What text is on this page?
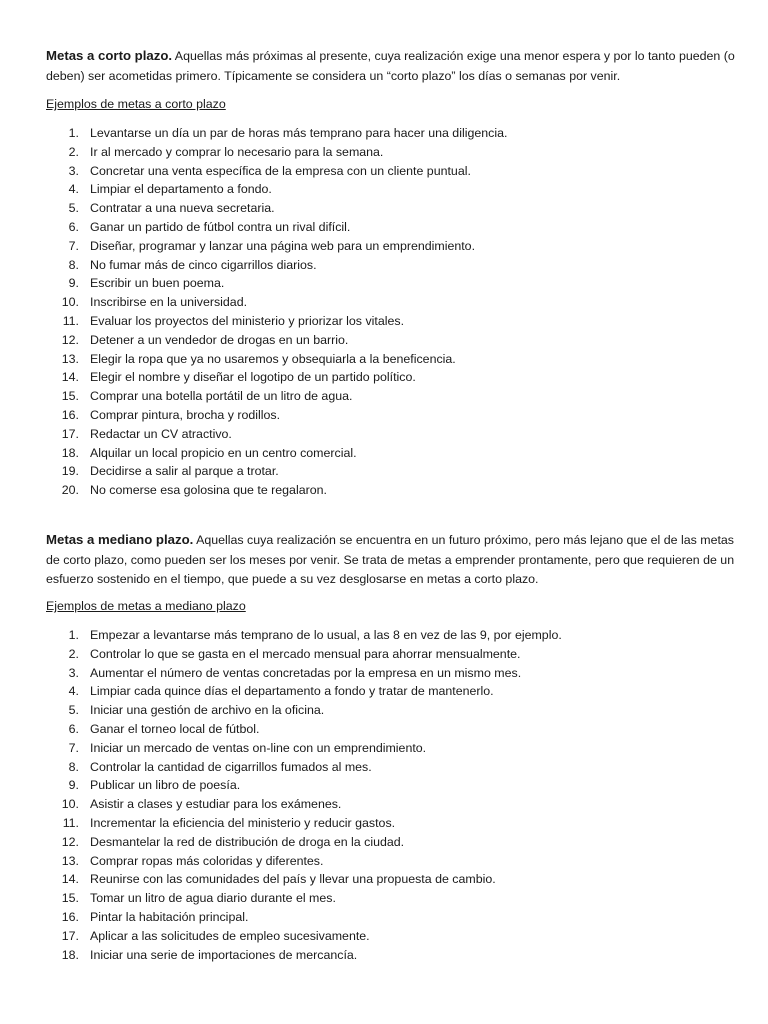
Metas a corto plazo. Aquellas más próximas al presente, cuya realización exige una menor espera y por lo tanto pueden (o deben) ser acometidas primero. Típicamente se considera un “corto plazo” los días o semanas por venir.

Ejemplos de metas a corto plazo

1. Levantarse un día un par de horas más temprano para hacer una diligencia.
2. Ir al mercado y comprar lo necesario para la semana.
3. Concretar una venta específica de la empresa con un cliente puntual.
4. Limpiar el departamento a fondo.
5. Contratar a una nueva secretaria.
6. Ganar un partido de fútbol contra un rival difícil.
7. Diseñar, programar y lanzar una página web para un emprendimiento.
8. No fumar más de cinco cigarrillos diarios.
9. Escribir un buen poema.
10. Inscribirse en la universidad.
11. Evaluar los proyectos del ministerio y priorizar los vitales.
12. Detener a un vendedor de drogas en un barrio.
13. Elegir la ropa que ya no usaremos y obsequiarla a la beneficencia.
14. Elegir el nombre y diseñar el logotipo de un partido político.
15. Comprar una botella portátil de un litro de agua.
16. Comprar pintura, brocha y rodillos.
17. Redactar un CV atractivo.
18. Alquilar un local propicio en un centro comercial.
19. Decidirse a salir al parque a trotar.
20. No comerse esa golosina que te regalaron.

Metas a mediano plazo. Aquellas cuya realización se encuentra en un futuro próximo, pero más lejano que el de las metas de corto plazo, como pueden ser los meses por venir. Se trata de metas a emprender prontamente, pero que requieren de un esfuerzo sostenido en el tiempo, que puede a su vez desglosarse en metas a corto plazo.

Ejemplos de metas a mediano plazo

1. Empezar a levantarse más temprano de lo usual, a las 8 en vez de las 9, por ejemplo.
2. Controlar lo que se gasta en el mercado mensual para ahorrar mensualmente.
3. Aumentar el número de ventas concretadas por la empresa en un mismo mes.
4. Limpiar cada quince días el departamento a fondo y tratar de mantenerlo.
5. Iniciar una gestión de archivo en la oficina.
6. Ganar el torneo local de fútbol.
7. Iniciar un mercado de ventas on-line con un emprendimiento.
8. Controlar la cantidad de cigarrillos fumados al mes.
9. Publicar un libro de poesía.
10. Asistir a clases y estudiar para los exámenes.
11. Incrementar la eficiencia del ministerio y reducir gastos.
12. Desmantelar la red de distribución de droga en la ciudad.
13. Comprar ropas más coloridas y diferentes.
14. Reunirse con las comunidades del país y llevar una propuesta de cambio.
15. Tomar un litro de agua diario durante el mes.
16. Pintar la habitación principal.
17. Aplicar a las solicitudes de empleo sucesivamente.
18. Iniciar una serie de importaciones de mercancía.
